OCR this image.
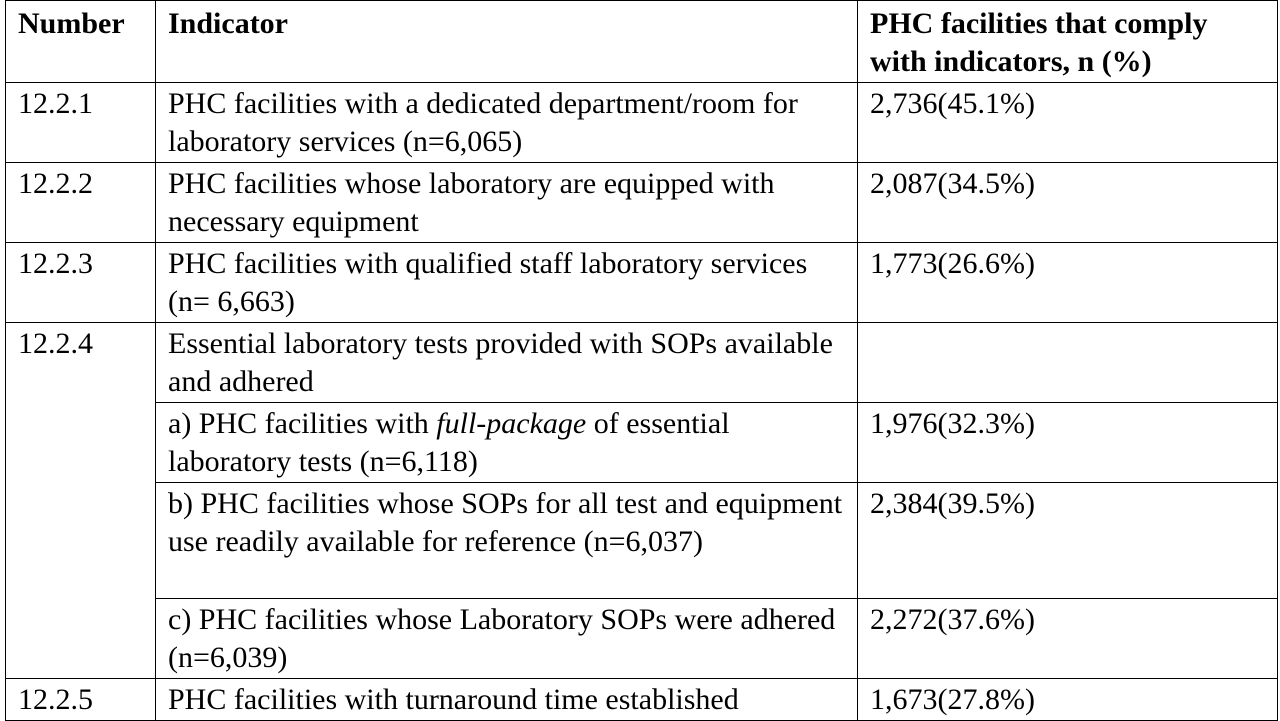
Number	Indicator	PHC facilities that comply with indicators, n (%)
12.2.1	PHC facilities with a dedicated department/room for laboratory services (n=6,065)	2,736(45.1%)
12.2.2	PHC facilities whose laboratory are equipped with necessary equipment	2,087(34.5%)
12.2.3	PHC facilities with qualified staff laboratory services (n= 6,663)	1,773(26.6%)
12.2.4	Essential laboratory tests provided with SOPs available and adhered	
	a) PHC facilities with full-package of essential laboratory tests (n=6,118)	1,976(32.3%)
	b) PHC facilities whose SOPs for all test and equipment use readily available for reference (n=6,037)	2,384(39.5%)
	c) PHC facilities whose Laboratory SOPs were adhered (n=6,039)	2,272(37.6%)
12.2.5	PHC facilities with turnaround time established	1,673(27.8%)
